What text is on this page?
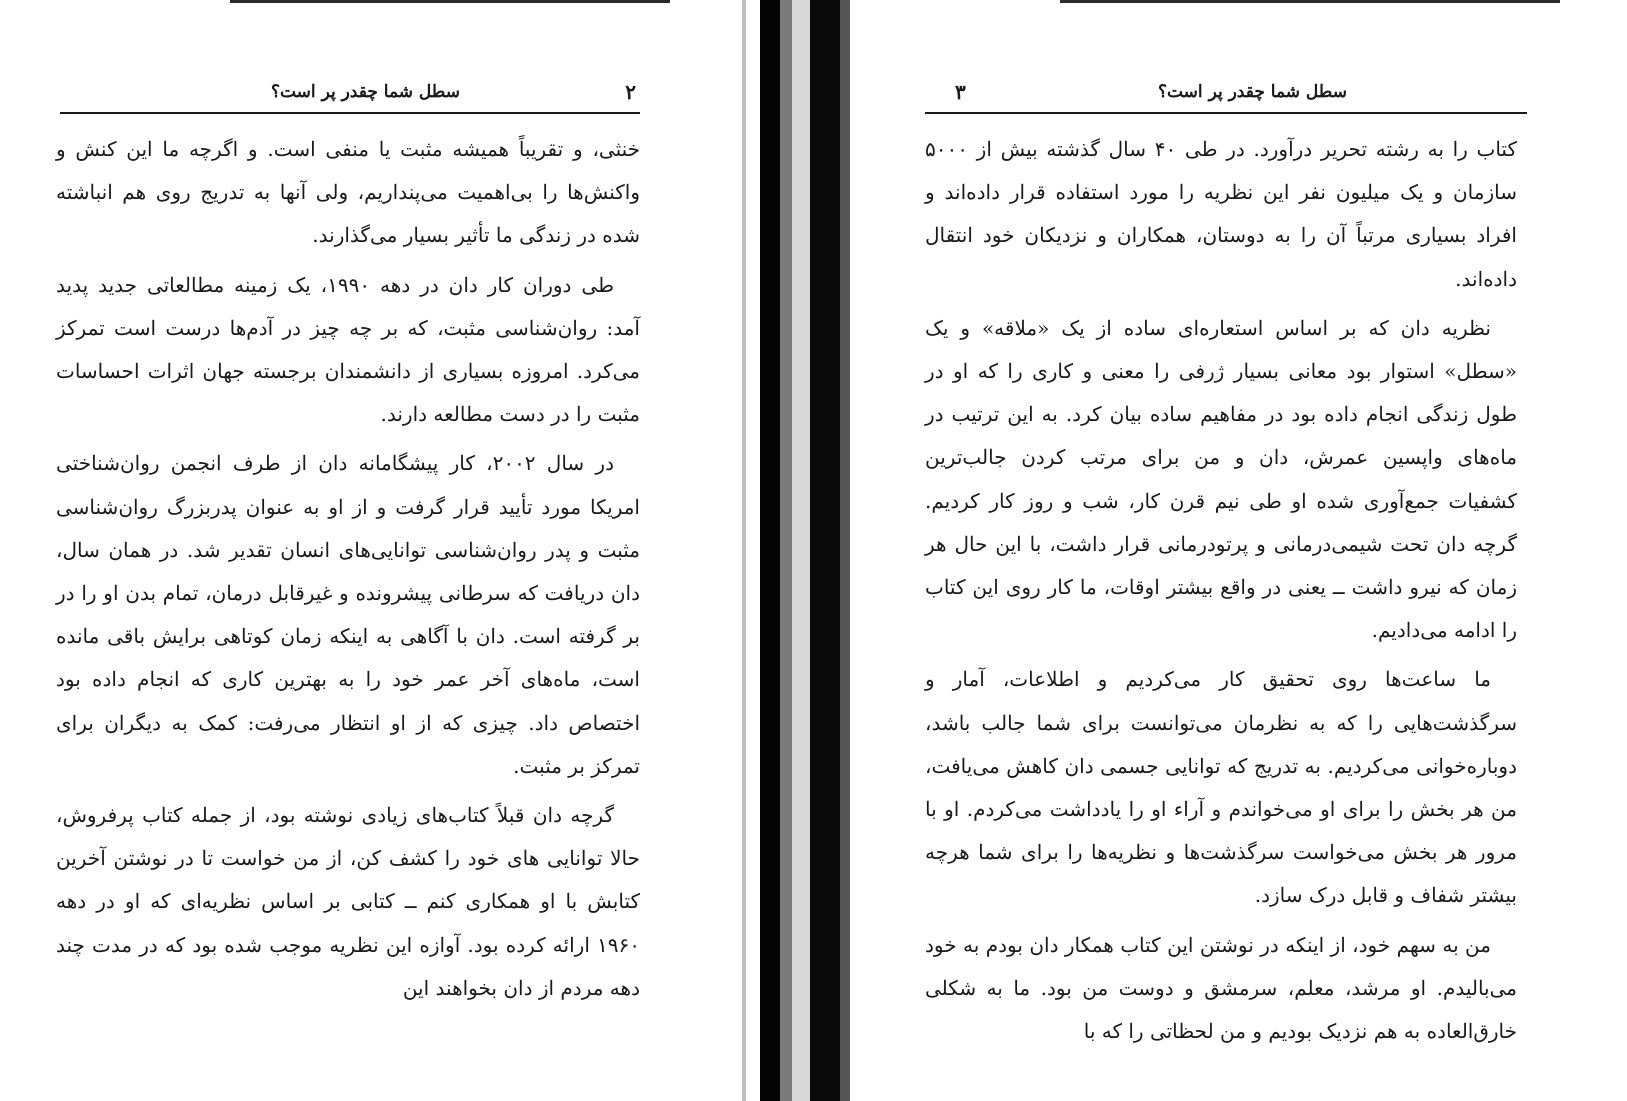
۲
سطل شما چقدر پر است؟

خنثی، و تقریباً همیشه مثبت یا منفی است. و اگرچه ما این کنش و واکنش‌ها را بی‌اهمیت می‌پنداریم، ولی آنها به تدریج روی هم انباشته شده در زندگی ما تأثیر بسیار می‌گذارند.

طی دوران کار دان در دهه ۱۹۹۰، یک زمینه مطالعاتی جدید پدید آمد: روان‌شناسی مثبت، که بر چه چیز در آدم‌ها درست است تمرکز می‌کرد. امروزه بسیاری از دانشمندان برجسته جهان اثرات احساسات مثبت را در دست مطالعه دارند.

در سال ۲۰۰۲، کار پیشگامانه دان از طرف انجمن روان‌شناختی امریکا مورد تأیید قرار گرفت و از او به عنوان پدربزرگ روان‌شناسی مثبت و پدر روان‌شناسی توانایی‌های انسان تقدیر شد. در همان سال، دان دریافت که سرطانی پیشرونده و غیرقابل درمان، تمام بدن او را در بر گرفته است. دان با آگاهی به اینکه زمان کوتاهی برایش باقی مانده است، ماه‌های آخر عمر خود را به بهترین کاری که انجام داده بود اختصاص داد. چیزی که از او انتظار می‌رفت: کمک به دیگران برای تمرکز بر مثبت.

گرچه دان قبلاً کتاب‌های زیادی نوشته بود، از جمله کتاب پرفروش، حالا توانایی های خود را کشف کن، از من خواست تا در نوشتن آخرین کتابش با او همکاری کنم ــ کتابی بر اساس نظریه‌ای که او در دهه ۱۹۶۰ ارائه کرده بود. آوازه این نظریه موجب شده بود که در مدت چند دهه مردم از دان بخواهند این

۳	سطل شما چقدر پر است؟

کتاب را به رشته تحریر درآورد. در طی ۴۰ سال گذشته بیش از ۵۰۰۰ سازمان و یک میلیون نفر این نظریه را مورد استفاده قرار داده‌اند و افراد بسیاری مرتباً آن را به دوستان، همکاران و نزدیکان خود انتقال داده‌اند.

نظریه دان که بر اساس استعاره‌ای ساده از یک «ملاقه» و یک «سطل» استوار بود معانی بسیار ژرفی را معنی و کاری را که او در طول زندگی انجام داده بود در مفاهیم ساده بیان کرد. به این ترتیب در ماه‌های واپسین عمرش، دان و من برای مرتب کردن جالب‌ترین کشفیات جمع‌آوری شده او طی نیم قرن کار، شب و روز کار کردیم. گرچه دان تحت شیمی‌درمانی و پرتودرمانی قرار داشت، با این حال هر زمان که نیرو داشت ــ یعنی در واقع بیشتر اوقات، ما کار روی این کتاب را ادامه می‌دادیم.

ما ساعت‌ها روی تحقیق کار می‌کردیم و اطلاعات، آمار و سرگذشت‌هایی را که به نظرمان می‌توانست برای شما جالب باشد، دوباره‌خوانی می‌کردیم. به تدریج که توانایی جسمی دان کاهش می‌یافت، من هر بخش را برای او می‌خواندم و آراء او را یادداشت می‌کردم. او با مرور هر بخش می‌خواست سرگذشت‌ها و نظریه‌ها را برای شما هرچه بیشتر شفاف و قابل درک سازد.

من به سهم خود، از اینکه در نوشتن این کتاب همکار دان بودم به خود می‌بالیدم. او مرشد، معلم، سرمشق و دوست من بود. ما به شکلی خارق‌العاده به هم نزدیک بودیم و من لحظاتی را که با
